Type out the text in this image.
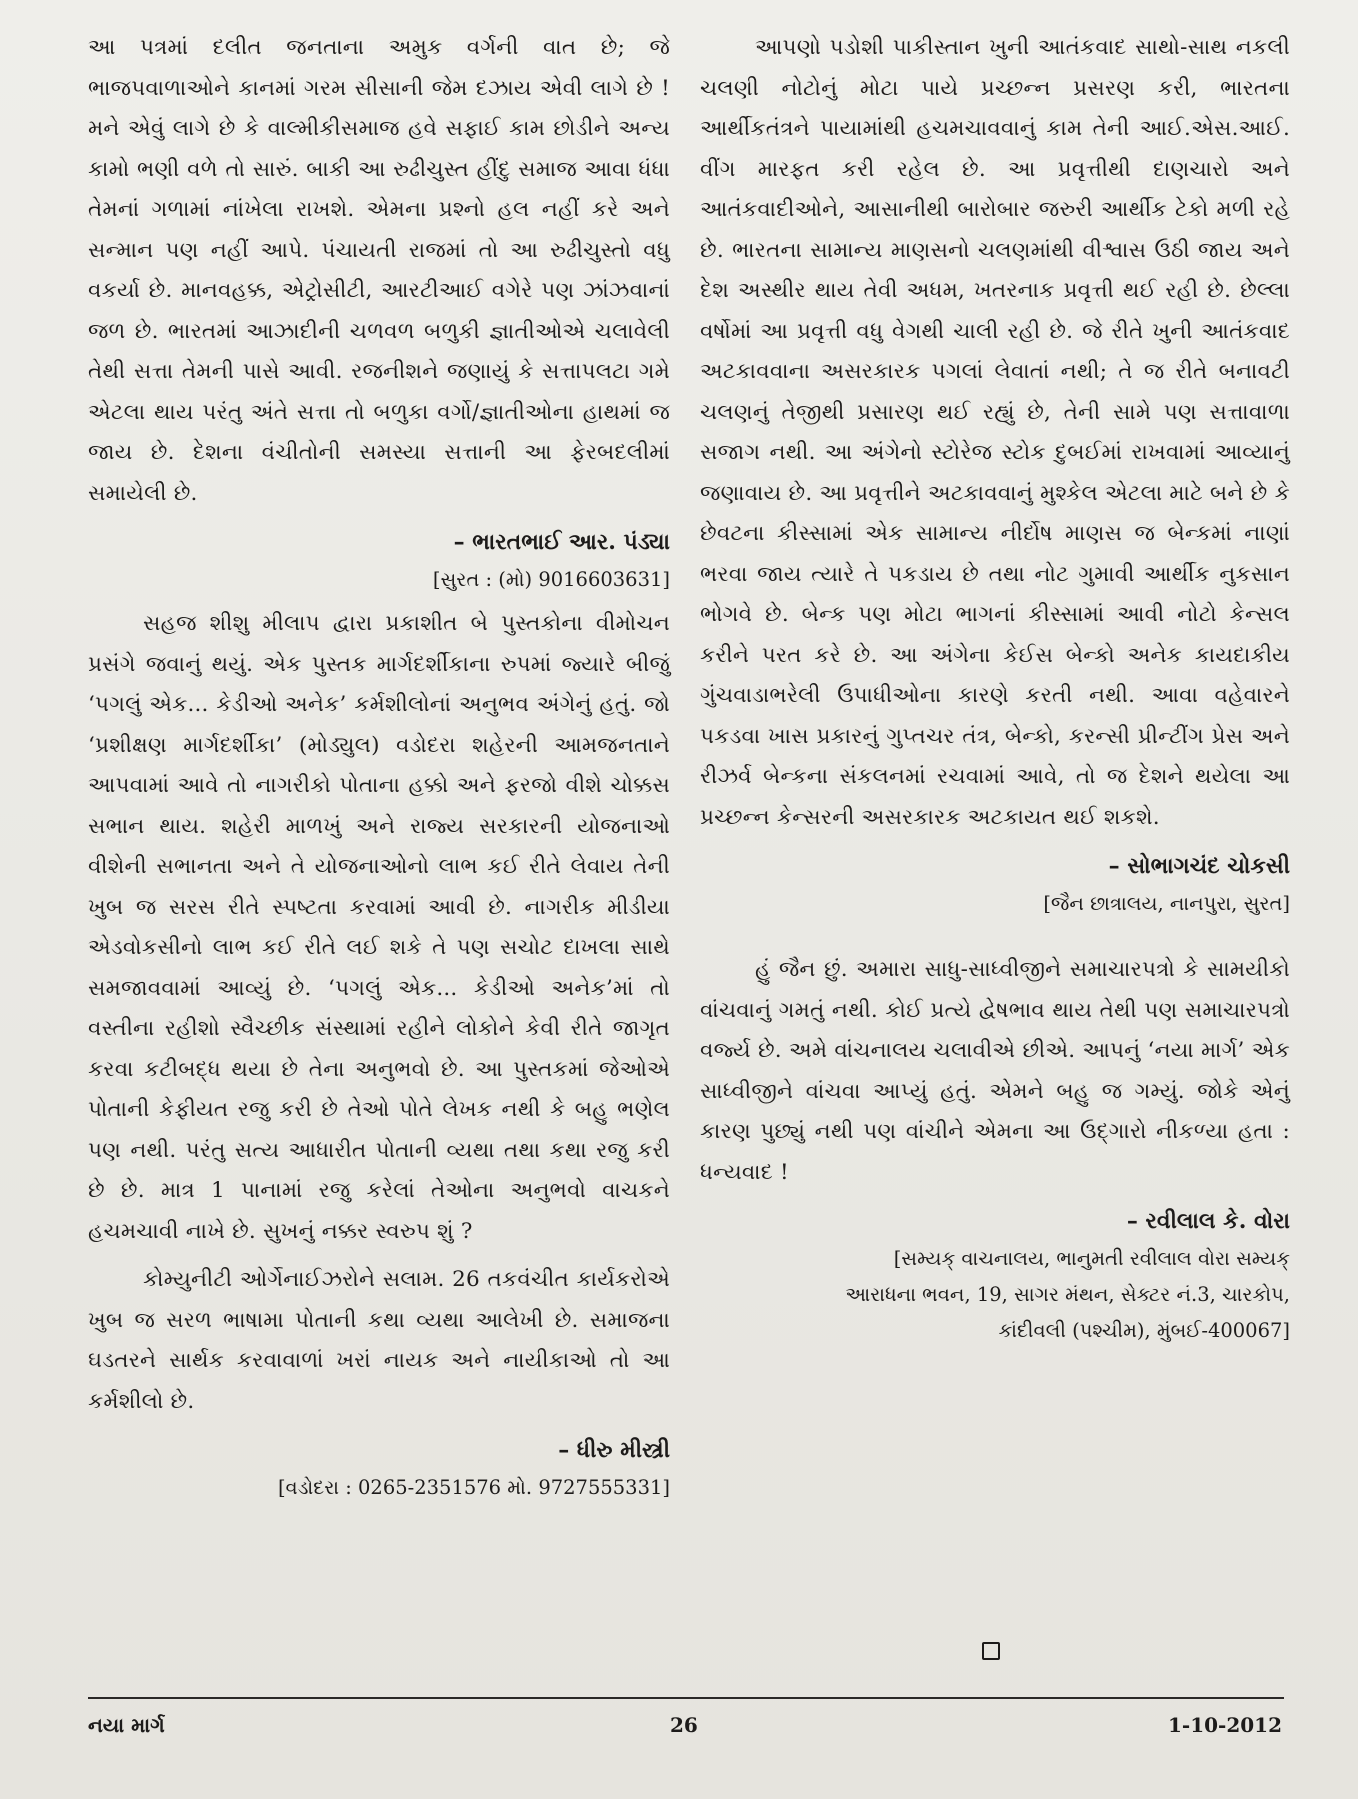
આ પત્રમાં દલીત જનતાના અમુક વર્ગની વાત છે; જે ભાજપવાળાઓને કાનમાં ગરમ સીસાની જેમ દઝાય એવી લાગે છે ! મને એવું લાગે છે કે વાલ્મીકીસમાજ હવે સફાઈ કામ છોડીને અન્ય કામો ભણી વળે તો સારું. બાકી આ રુઢીચુસ્ત હીંદુ સમાજ આવા ધંધા તેમનાં ગળામાં નાંખેલા રાખશે. એમના પ્રશ્નો હલ નહીં કરે અને સન્માન પણ નહીં આપે. પંચાયતી રાજમાં તો આ રુઢીચુસ્તો વધુ વકર્યા છે. માનવહક્ક, એટ્રોસીટી, આરટીઆઈ વગેરે પણ ઝાંઝવાનાં જળ છે. ભારતમાં આઝાદીની ચળવળ બળુકી જ્ઞાતીઓએ ચલાવેલી તેથી સત્તા તેમની પાસે આવી. રજનીશને જણાયું કે સત્તાપલટા ગમે એટલા થાય પરંતુ અંતે સત્તા તો બળુકા વર્ગો/જ્ઞાતીઓના હાથમાં જ જાય છે. દેશના વંચીતોની સમસ્યા સત્તાની આ ફેરબદલીમાં સમાયેલી છે.

– ભારતભાઈ આર. પંડ્યા

[સુરત : (મો) 9016603631]

સહજ શીશુ મીલાપ દ્વારા પ્રકાશીત બે પુસ્તકોના વીમોચન પ્રસંગે જવાનું થયું. એક પુસ્તક માર્ગદર્શીકાના રુપમાં જ્યારે બીજું ‘પગલું એક... કેડીઓ અનેક’ કર્મશીલોનાં અનુભવ અંગેનું હતું. જો ‘પ્રશીક્ષણ માર્ગદર્શીકા’ (મોડ્યુલ) વડોદરા શહેરની આમજનતાને આપવામાં આવે તો નાગરીકો પોતાના હક્કો અને ફરજો વીશે ચોક્કસ સભાન થાય. શહેરી માળખું અને રાજ્ય સરકારની યોજનાઓ વીશેની સભાનતા અને તે યોજનાઓનો લાભ કઈ રીતે લેવાય તેની ખુબ જ સરસ રીતે સ્પષ્ટતા કરવામાં આવી છે. નાગરીક મીડીયા એડવોકસીનો લાભ કઈ રીતે લઈ શકે તે પણ સચોટ દાખલા સાથે સમજાવવામાં આવ્યું છે. ‘પગલું એક... કેડીઓ અનેક’માં તો વસ્તીના રહીશો સ્વૈચ્છીક સંસ્થામાં રહીને લોકોને કેવી રીતે જાગૃત કરવા કટીબદ્ધ થયા છે તેના અનુભવો છે. આ પુસ્તકમાં જેઓએ પોતાની કેફીયત રજુ કરી છે તેઓ પોતે લેખક નથી કે બહુ ભણેલ પણ નથી. પરંતુ સત્ય આધારીત પોતાની વ્યથા તથા કથા રજુ કરી છે છે. માત્ર 1 પાનામાં રજુ કરેલાં તેઓના અનુભવો વાચકને હચમચાવી નાખે છે. સુખનું નક્કર સ્વરુપ શું ?

કોમ્યુનીટી ઓર્ગેનાઈઝરોને સલામ. 26 તકવંચીત કાર્યકરોએ ખુબ જ સરળ ભાષામા પોતાની કથા વ્યથા આલેખી છે. સમાજના ઘડતરને સાર્થક કરવાવાળાં ખરાં નાયક અને નાયીકાઓ તો આ કર્મશીલો છે.

– ધીરુ મીસ્ત્રી

[વડોદરા : 0265-2351576 મો. 9727555331]

આપણો પડોશી પાકીસ્તાન ખુની આતંકવાદ સાથો-સાથ નકલી ચલણી નોટોનું મોટા પાયે પ્રચ્છન્ન પ્રસરણ કરી, ભારતના આર્થીકતંત્રને પાયામાંથી હચમચાવવાનું કામ તેની આઈ.એસ.આઈ. વીંગ મારફત કરી રહેલ છે. આ પ્રવૃત્તીથી દાણચારો અને આતંકવાદીઓને, આસાનીથી બારોબાર જરુરી આર્થીક ટેકો મળી રહે છે. ભારતના સામાન્ય માણસનો ચલણમાંથી વીશ્વાસ ઉઠી જાય અને દેશ અસ્થીર થાય તેવી અધમ, ખતરનાક પ્રવૃત્તી થઈ રહી છે. છેલ્લા વર્ષોમાં આ પ્રવૃત્તી વધુ વેગથી ચાલી રહી છે. જે રીતે ખુની આતંકવાદ અટકાવવાના અસરકારક પગલાં લેવાતાં નથી; તે જ રીતે બનાવટી ચલણનું તેજીથી પ્રસારણ થઈ રહ્યું છે, તેની સામે પણ સત્તાવાળા સજાગ નથી. આ અંગેનો સ્ટોરેજ સ્ટોક દુબઈમાં રાખવામાં આવ્યાનું જણાવાય છે. આ પ્રવૃત્તીને અટકાવવાનું મુશ્કેલ એટલા માટે બને છે કે છેવટના કીસ્સામાં એક સામાન્ય નીર્દોષ માણસ જ બેન્કમાં નાણાં ભરવા જાય ત્યારે તે પકડાય છે તથા નોટ ગુમાવી આર્થીક નુકસાન ભોગવે છે. બેન્ક પણ મોટા ભાગનાં કીસ્સામાં આવી નોટો કેન્સલ કરીને પરત કરે છે. આ અંગેના કેઈસ બેન્કો અનેક કાયદાકીય ગુંચવાડાભરેલી ઉપાધીઓના કારણે કરતી નથી. આવા વહેવારને પકડવા ખાસ પ્રકારનું ગુપ્તચર તંત્ર, બેન્કો, કરન્સી પ્રીન્ટીંગ પ્રેસ અને રીઝર્વ બેન્કના સંકલનમાં રચવામાં આવે, તો જ દેશને થયેલા આ પ્રચ્છન્ન કેન્સરની અસરકારક અટકાયત થઈ શકશે.

– સોભાગચંદ ચોકસી

[જૈન છાત્રાલય, નાનપુરા, સુરત]

હું જૈન છું. અમારા સાધુ-સાધ્વીજીને સમાચારપત્રો કે સામયીકો વાંચવાનું ગમતું નથી. કોઈ પ્રત્યે દ્વેષભાવ થાય તેથી પણ સમાચારપત્રો વર્જ્ય છે. અમે વાંચનાલય ચલાવીએ છીએ. આપનું ‘નયા માર્ગ’ એક સાધ્વીજીને વાંચવા આપ્યું હતું. એમને બહુ જ ગમ્યું. જોકે એનું કારણ પુછ્યું નથી પણ વાંચીને એમના આ ઉદ્ગારો નીકળ્યા હતા : ધન્યવાદ !

– રવીલાલ કે. વોરા

[સમ્યક્ વાચનાલય, ભાનુમતી રવીલાલ વોરા સમ્યક્

આરાધના ભવન, 19, સાગર મંથન, સેક્ટર નં.3, ચારકોપ,

કાંદીવલી (પશ્ચીમ), મુંબઈ-400067]

નયા માર્ગ	26	1-10-2012
